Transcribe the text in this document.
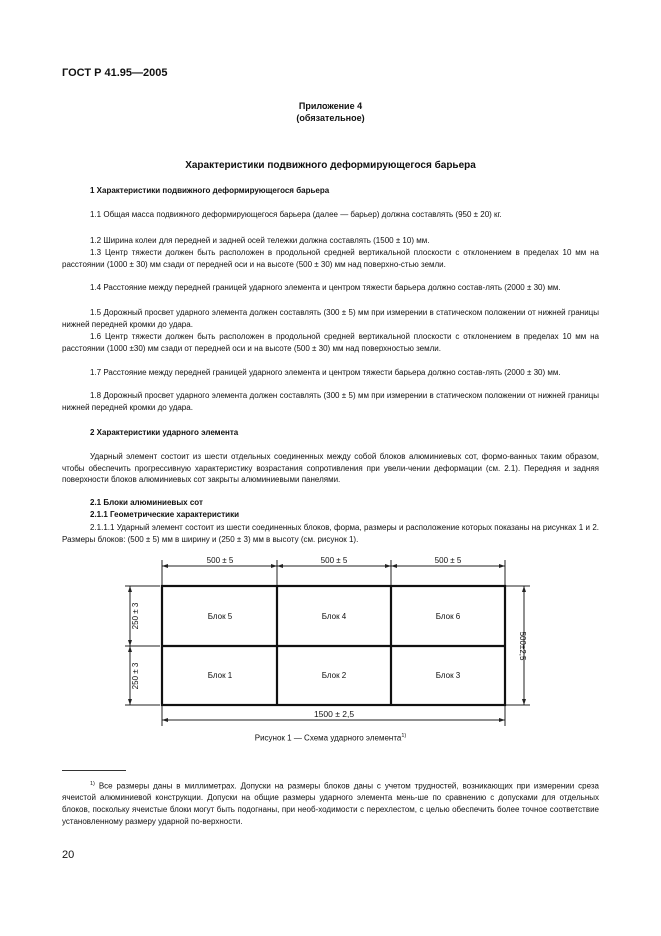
ГОСТ Р 41.95—2005
Приложение 4
(обязательное)
Характеристики подвижного деформирующегося барьера
1 Характеристики подвижного деформирующегося барьера

1.1 Общая масса подвижного деформирующегося барьера (далее — барьер) должна составлять (950 ± 20) кг.

1.2 Ширина колеи для передней и задней осей тележки должна составлять (1500 ± 10) мм.

1.3 Центр тяжести должен быть расположен в продольной средней вертикальной плоскости с отклонением в пределах 10 мм на расстоянии (1000 ± 30) мм сзади от передней оси и на высоте (500 ± 30) мм над поверхно-стью земли.

1.4 Расстояние между передней границей ударного элемента и центром тяжести барьера должно состав-лять (2000 ± 30) мм.

1.5 Дорожный просвет ударного элемента должен составлять (300 ± 5) мм при измерении в статическом положении от нижней границы нижней передней кромки до удара.

1.6 Центр тяжести должен быть расположен в продольной средней вертикальной плоскости с отклонением в пределах 10 мм на расстоянии (1000 ±30) мм сзади от передней оси и на высоте (500 ± 30) мм над поверхностью земли.

1.7 Расстояние между передней границей ударного элемента и центром тяжести барьера должно состав-лять (2000 ± 30) мм.

1.8 Дорожный просвет ударного элемента должен составлять (300 ± 5) мм при измерении в статическом положении от нижней границы нижней передней кромки до удара.

2 Характеристики ударного элемента

Ударный элемент состоит из шести отдельных соединенных между собой блоков алюминиевых сот, формо-ванных таким образом, чтобы обеспечить прогрессивную характеристику возрастания сопротивления при увели-чении деформации (см. 2.1). Передняя и задняя поверхности блоков алюминиевых сот закрыты алюминиевыми панелями.

2.1 Блоки алюминиевых сот
2.1.1 Геометрические характеристики

2.1.1.1 Ударный элемент состоит из шести соединенных блоков, форма, размеры и расположение которых показаны на рисунках 1 и 2. Размеры блоков: (500 ± 5) мм в ширину и (250 ± 3) мм в высоту (см. рисунок 1).

500 ± 5	500 ± 5	500 ± 5
1500 ± 2,5
Блок 5	Блок 4	Блок 6
Блок 1	Блок 2	Блок 3
250 ± 3
250 ± 3
500±2,5
Рисунок 1 — Схема ударного элемента$^{1)}$

$^{1)}$ Все размеры даны в миллиметрах. Допуски на размеры блоков даны с учетом трудностей, возникающих при измерении среза ячеистой алюминиевой конструкции. Допуски на общие размеры ударного элемента мень-ше по сравнению с допусками для отдельных блоков, поскольку ячеистые блоки могут быть подогнаны, при необ-ходимости с перехлестом, с целью обеспечить более точное соответствие установленному размеру ударной по-верхности.

20
